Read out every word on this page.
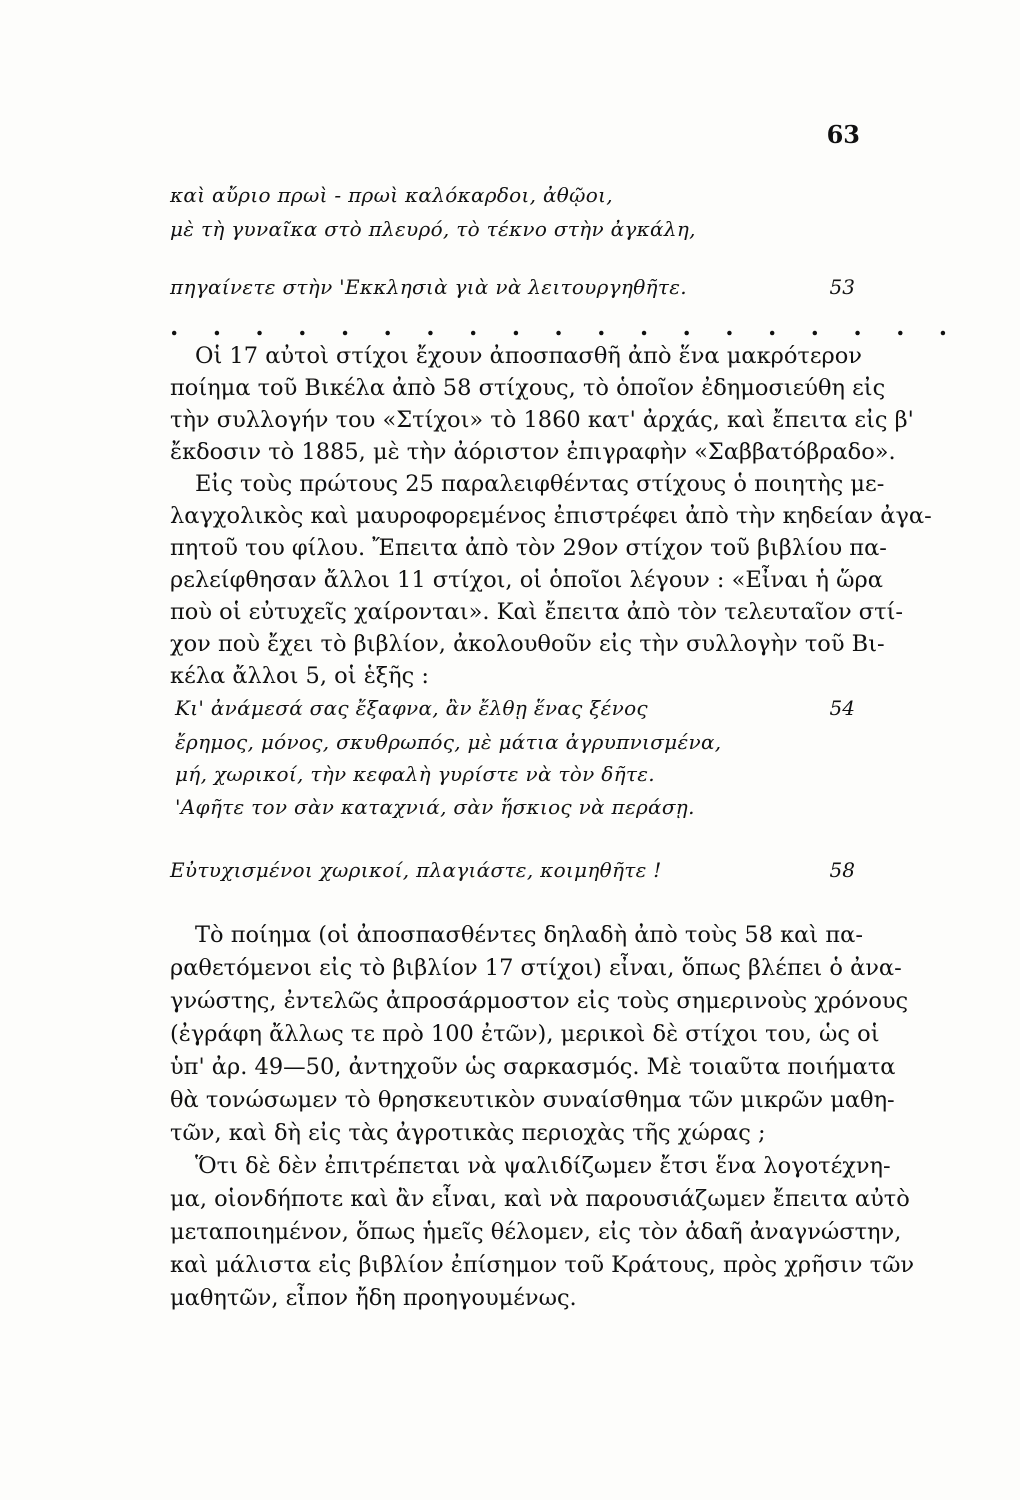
63
καὶ αὔριο πρωὶ - πρωὶ καλόκαρδοι, ἀθῷοι,
μὲ τὴ γυναῖκα στὸ πλευρό, τὸ τέκνο στὴν ἀγκάλη,
πηγαίνετε στὴν 'Εκκλησιὰ γιὰ νὰ λειτουργηθῆτε.	53
. . . . . . . . . . . . . . . . . . .
Οἱ 17 αὐτοὶ στίχοι ἔχουν ἀποσπασθῆ ἀπὸ ἕνα μακρότερον
ποίημα τοῦ Βικέλα ἀπὸ 58 στίχους, τὸ ὁποῖον ἐδημοσιεύθη εἰς
τὴν συλλογήν του «Στίχοι» τὸ 1860 κατ' ἀρχάς, καὶ ἔπειτα εἰς β'
ἔκδοσιν τὸ 1885, μὲ τὴν ἀόριστον ἐπιγραφὴν «Σαββατόβραδο».
Εἰς τοὺς πρώτους 25 παραλειφθέντας στίχους ὁ ποιητὴς με-
λαγχολικὸς καὶ μαυροφορεμένος ἐπιστρέφει ἀπὸ τὴν κηδείαν ἀγα-
πητοῦ του φίλου. Ἔπειτα ἀπὸ τὸν 29ον στίχον τοῦ βιβλίου πα-
ρελείφθησαν ἄλλοι 11 στίχοι, οἱ ὁποῖοι λέγουν : «Εἶναι ἡ ὥρα
ποὺ οἱ εὐτυχεῖς χαίρονται». Καὶ ἔπειτα ἀπὸ τὸν τελευταῖον στί-
χον ποὺ ἔχει τὸ βιβλίον, ἀκολουθοῦν εἰς τὴν συλλογὴν τοῦ Βι-
κέλα ἄλλοι 5, οἱ ἑξῆς :
Κι' ἀνάμεσά σας ἔξαφνα, ἂν ἔλθῃ ἕνας ξένος	54
ἔρημος, μόνος, σκυθρωπός, μὲ μάτια ἀγρυπνισμένα,
μή, χωρικοί, τὴν κεφαλὴ γυρίστε νὰ τὸν δῆτε.
'Αφῆτε τον σὰν καταχνιά, σὰν ἥσκιος νὰ περάσῃ.
Εὐτυχισμένοι χωρικοί, πλαγιάστε, κοιμηθῆτε !	58
Τὸ ποίημα (οἱ ἀποσπασθέντες δηλαδὴ ἀπὸ τοὺς 58 καὶ πα-
ραθετόμενοι εἰς τὸ βιβλίον 17 στίχοι) εἶναι, ὅπως βλέπει ὁ ἀνα-
γνώστης, ἐντελῶς ἀπροσάρμοστον εἰς τοὺς σημερινοὺς χρόνους
(ἐγράφη ἄλλως τε πρὸ 100 ἐτῶν), μερικοὶ δὲ στίχοι του, ὡς οἱ
ὑπ' ἀρ. 49—50, ἀντηχοῦν ὡς σαρκασμός. Μὲ τοιαῦτα ποιήματα
θὰ τονώσωμεν τὸ θρησκευτικὸν συναίσθημα τῶν μικρῶν μαθη-
τῶν, καὶ δὴ εἰς τὰς ἀγροτικὰς περιοχὰς τῆς χώρας ;
Ὅτι δὲ δὲν ἐπιτρέπεται νὰ ψαλιδίζωμεν ἔτσι ἕνα λογοτέχνη-
μα, οἱονδήποτε καὶ ἂν εἶναι, καὶ νὰ παρουσιάζωμεν ἔπειτα αὐτὸ
μεταποιημένον, ὅπως ἡμεῖς θέλομεν, εἰς τὸν ἀδαῆ ἀναγνώστην,
καὶ μάλιστα εἰς βιβλίον ἐπίσημον τοῦ Κράτους, πρὸς χρῆσιν τῶν
μαθητῶν, εἶπον ἤδη προηγουμένως.
